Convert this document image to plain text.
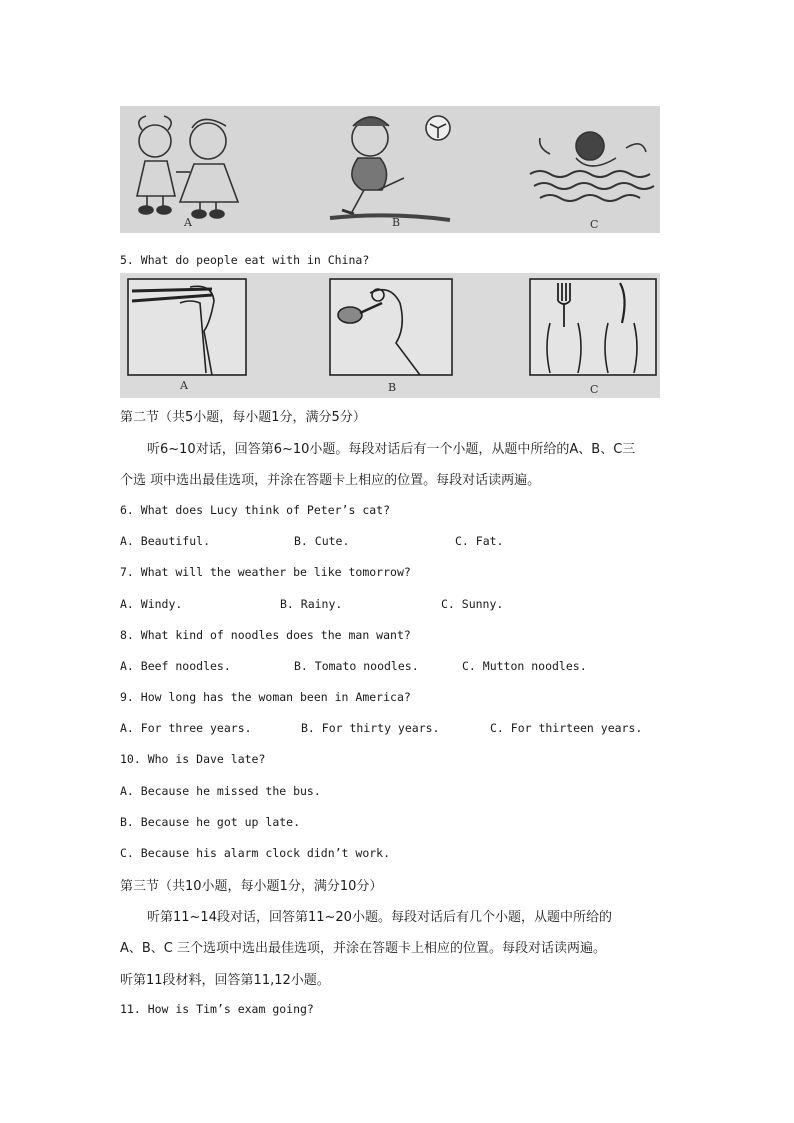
A	B	C
5. What do people eat with in China?
A	B	C
第二节（共5小题，每小题1分，满分5分）
听6~10对话，回答第6~10小题。每段对话后有一个小题，从题中所给的A、B、C三
个选 项中选出最佳选项，并涂在答题卡上相应的位置。每段对话读两遍。
6. What does Lucy think of Peter’s cat?
A. Beautiful.	B. Cute.	C. Fat.
7. What will the weather be like tomorrow?
A. Windy.	B. Rainy.	C. Sunny.
8. What kind of noodles does the man want?
A. Beef noodles.	B. Tomato noodles.	C. Mutton noodles.
9. How long has the woman been in America?
A. For three years.	B. For thirty years.	C. For thirteen years.
10. Who is Dave late?
A. Because he missed the bus.
B. Because he got up late.
C. Because his alarm clock didn’t work.
第三节（共10小题，每小题1分，满分10分）
听第11~14段对话，回答第11~20小题。每段对话后有几个小题，从题中所给的
A、B、C 三个选项中选出最佳选项，并涂在答题卡上相应的位置。每段对话读两遍。
听第11段材料，回答第11,12小题。
11. How is Tim’s exam going?
